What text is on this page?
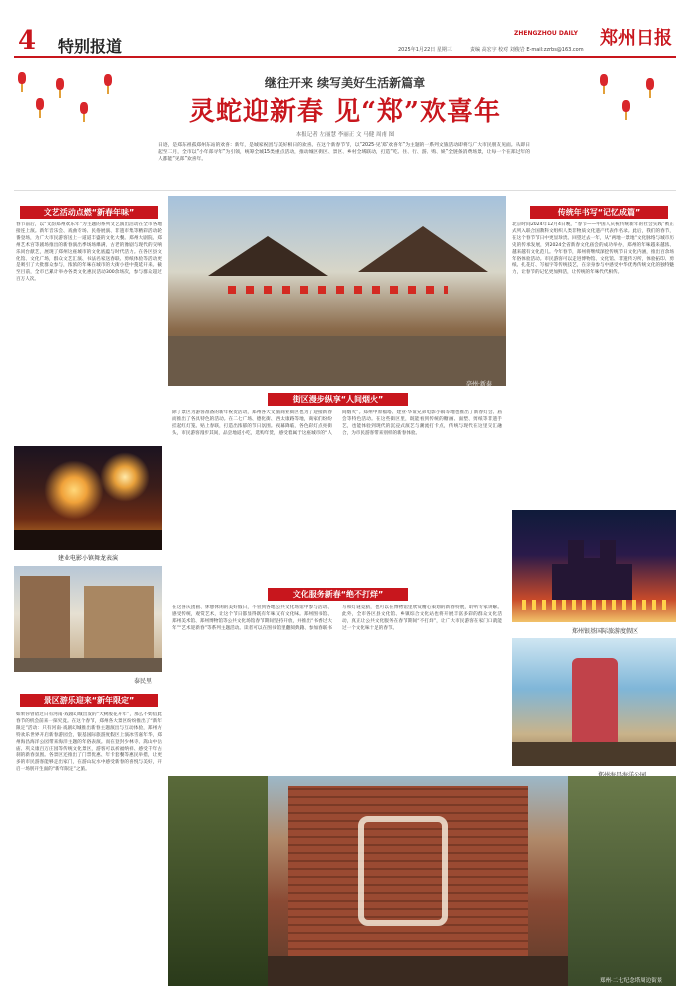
4 特别报道
ZHENGZHOU DAILY 郑州日报
2025年1月22日 星期三	责编 高宏宇 校对 刘俊岩 E-mail:zzrbs@163.com
继往开来 续写美好生活新篇章
灵蛇迎新春 见“郑”欢喜年
本报记者 左丽慧 李丽正 文 马健 周甫 图
日迹，是郑东祖孤郑州东站的欢喜：新年，是城家祝团与美好相日的欢喜。在这个新春节节，以“2025·见‘郑’欢喜年”为主题的一系列文旅活动即将与广大市民朋友见面。从即日起至二月，全市以“小年郑寻年”为引领，统筹全城15类重点活动，推动城区街区、景区、乡村全域联动，打造“吃、住、行、游、购、娱”全链条消费场景，让每一个在郑过年的人都能“见郑”欢喜年。
文艺活动点燃“新春年味”
春节前后，以“文韵郑州欢乐年”为主题的系列文艺演出活动在全市各地接连上演。新年音乐会、戏曲专场、民俗展演、非遗市集等精彩活动轮番登场，为广大市民游客送上一道道丰盛的文化大餐。郑州大剧院、郑州艺术宫等剧场推出的新春演出季场场爆满，古老的豫剧与现代的交响乐同台献艺，展现了郑州这座城市的文化底蕴与时代活力。在各区县文化馆、文化广场，群众文艺汇演、书法名家送春联、剪纸体验等活动更是吸引了大批群众参与，浓浓的年味在城市的大街小巷中蔓延开来。截至目前，全市已累计举办各类文化惠民活动300余场次，参与群众超过百万人次。
建业电影小镇舞龙表演
泰民里
景区游乐迎来“新年限定”
如果你曾错过日有河南·戏剧幻城出发的“大树般花开年”，那么不妨借此春节的机会前来一探究竟。在这个春节，郑州各大景区纷纷推出了“新年限定”活动：只有河南·戏剧幻城推出新春主题演出与互动体验，郑州方特欢乐世界开启新春游园会，银基国际旅游度假区上演冰雪嘉年华，郑州海昌海洋公园带来海洋主题的年俗表演。而在登封少林寺、嵩山中岳庙、巩义康百万庄园等传统文化景区，游客可以祈福纳祥、感受千年古刹的新春氛围。各景区还推出了门票优惠、年卡套餐等惠民举措，让更多的市民游客能够走出家门，在游山玩水中感受新春的喜悦与美好，开启一场别开生面的“新年限定”之旅。
亳州·新泰
街区漫步纵享“人间烟火”
除了景区为游客准备的新年祝贺活动，郑州各大文旅商业街区也为了迎接新春而推出了各具特色的活动。在二七广场、德化街、西太康路等地，商家们纷纷挂起红灯笼、贴上春联，打造出浓郁的节日氛围。夜幕降临，各色彩灯点亮街头，市民游客漫步其间，品尝地道小吃，选购年货，感受着属于这座城市的“人间烟火”。郑州中原福塔、建业·华谊兄弟电影小镇等地也推出了新春灯会、庙会等特色活动。在这些街区里，既能看到传统的糖画、面塑、剪纸等非遗手艺，也能体验到现代的沉浸式演艺与潮流打卡点，传统与现代在这里交汇融合，为市民游客带来别样的新春体验。
文化服务新春“绝不打烊”
在这喜庆团圆、休憩休闲的美好假日，不管到各地公共文化场馆中参与活动、感受传统，观赏艺术，让这个节日都显得既有年味又有文化味。郑州图书馆、郑州美术馆、郑州博物馆等公共文化场馆春节期间坚持开放，并推出“书香过大年”“艺术迎新春”等系列主题活动。读者可以在图书馆里翻阅典籍、参加春联书写和灯谜竞猜，也可以在博物馆里欣赏精心策划的新春特展，聆听专家讲解。此外，全市各区县文化馆、乡镇综合文化站也将开展丰富多彩的群众文化活动，真正让公共文化服务在春节期间“不打烊”，让广大市民游客在家门口就能过一个文化味十足的春节。
传统年书写“记忆成篇”
北京时间2024年12月4日晚，“春节——中国人庆祝传统新年的社会实践”被正式列入联合国教科文组织人类非物质文化遗产代表作名录。此后，我们的春节，在这个春节节日中更显珍贵。回望过去一年，从“两地一景地”文化脉络与城市历史的传承发展，到2024全省新春文化庙会的成功举办，郑州的年味越来越浓、越来越有文化范儿。今年春节，郑州将继续深挖传统节日文化内涵，推出百余场年俗体验活动。市民游客可以走进博物馆、文化馆、非遗传习所，体验拓印、剪纸、扎花灯、写福字等传统技艺，在亲身参与中感受中华优秀传统文化的独特魅力，让春节的记忆更加鲜活，让传统的年味代代相传。
郑州银基国际旅游度假区
郑州·二七纪念塔周边街景
